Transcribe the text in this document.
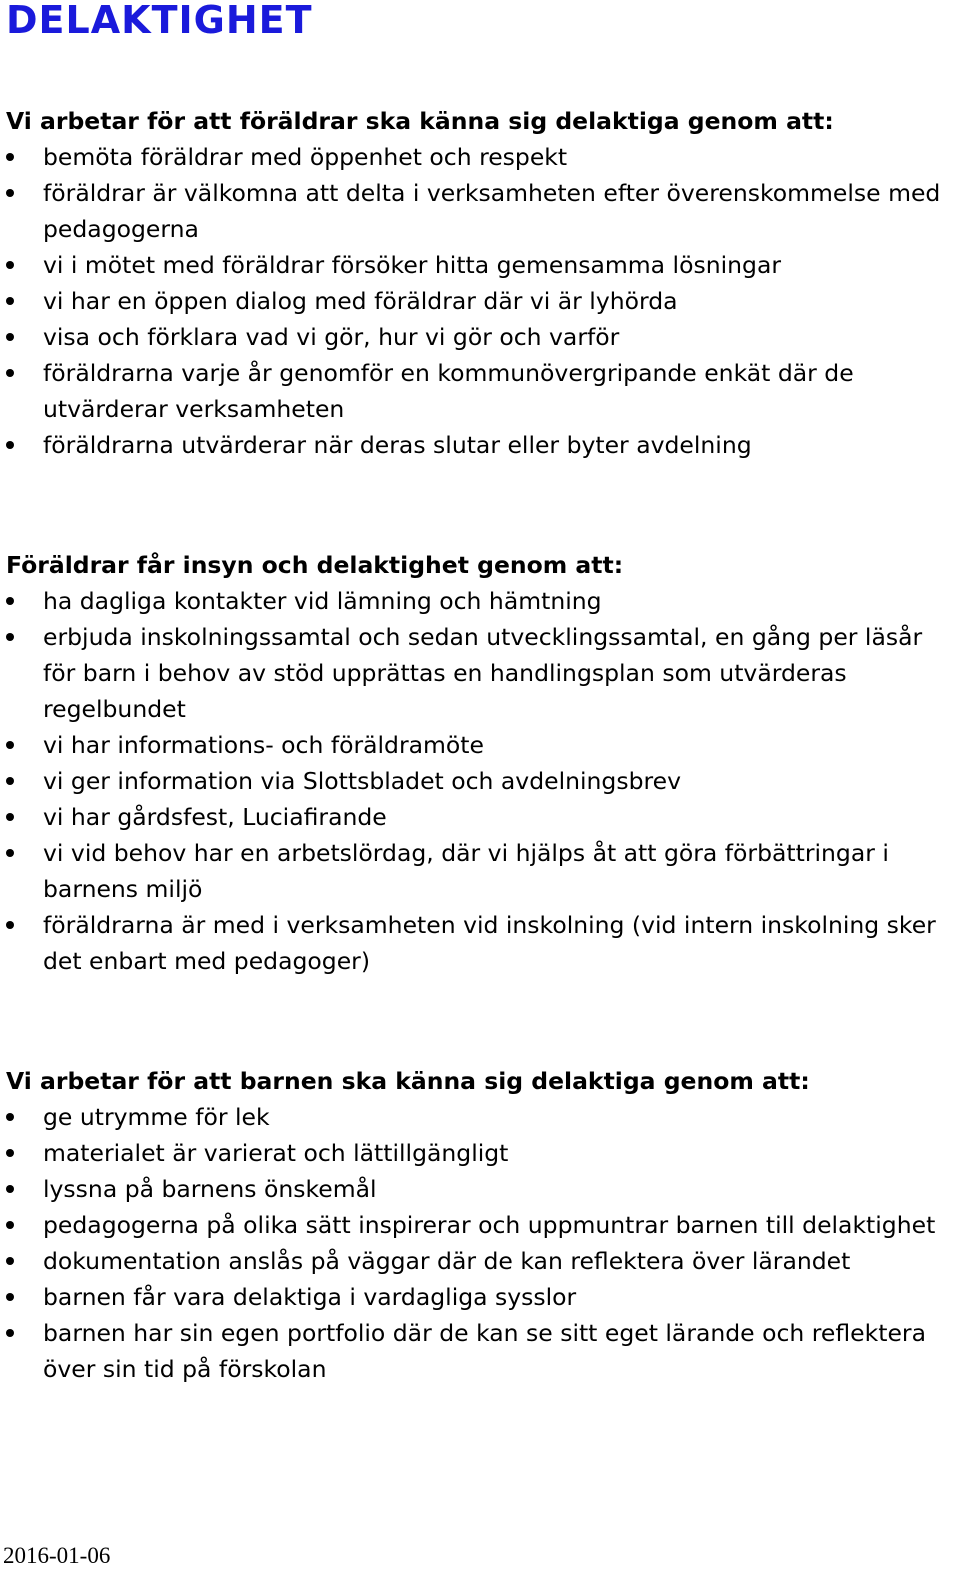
DELAKTIGHET
Vi arbetar för att föräldrar ska känna sig delaktiga genom att:
bemöta föräldrar med öppenhet och respekt
föräldrar är välkomna att delta i verksamheten efter överenskommelse med pedagogerna
vi i mötet med föräldrar försöker hitta gemensamma lösningar
vi har en öppen dialog med föräldrar där vi är lyhörda
visa och förklara vad vi gör, hur vi gör och varför
föräldrarna varje år genomför en kommunövergripande enkät där de utvärderar verksamheten
föräldrarna utvärderar när deras slutar eller byter avdelning
Föräldrar får insyn och delaktighet genom att:
ha dagliga kontakter vid lämning och hämtning
erbjuda inskolningssamtal och sedan utvecklingssamtal, en gång per läsår för barn i behov av stöd upprättas en handlingsplan som utvärderas regelbundet
vi har informations- och föräldramöte
vi ger information via Slottsbladet och avdelningsbrev
vi har gårdsfest, Luciafirande
vi vid behov har en arbetslördag, där vi hjälps åt att göra förbättringar i barnens miljö
föräldrarna är med i verksamheten vid inskolning (vid intern inskolning sker det enbart med pedagoger)
Vi arbetar för att barnen ska känna sig delaktiga genom att:
ge utrymme för lek
materialet är varierat och lättillgängligt
lyssna på barnens önskemål
pedagogerna på olika sätt inspirerar och uppmuntrar barnen till delaktighet
dokumentation anslås på väggar där de kan reflektera över lärandet
barnen får vara delaktiga i vardagliga sysslor
barnen har sin egen portfolio där de kan se sitt eget lärande och reflektera över sin tid på förskolan
2016-01-06
